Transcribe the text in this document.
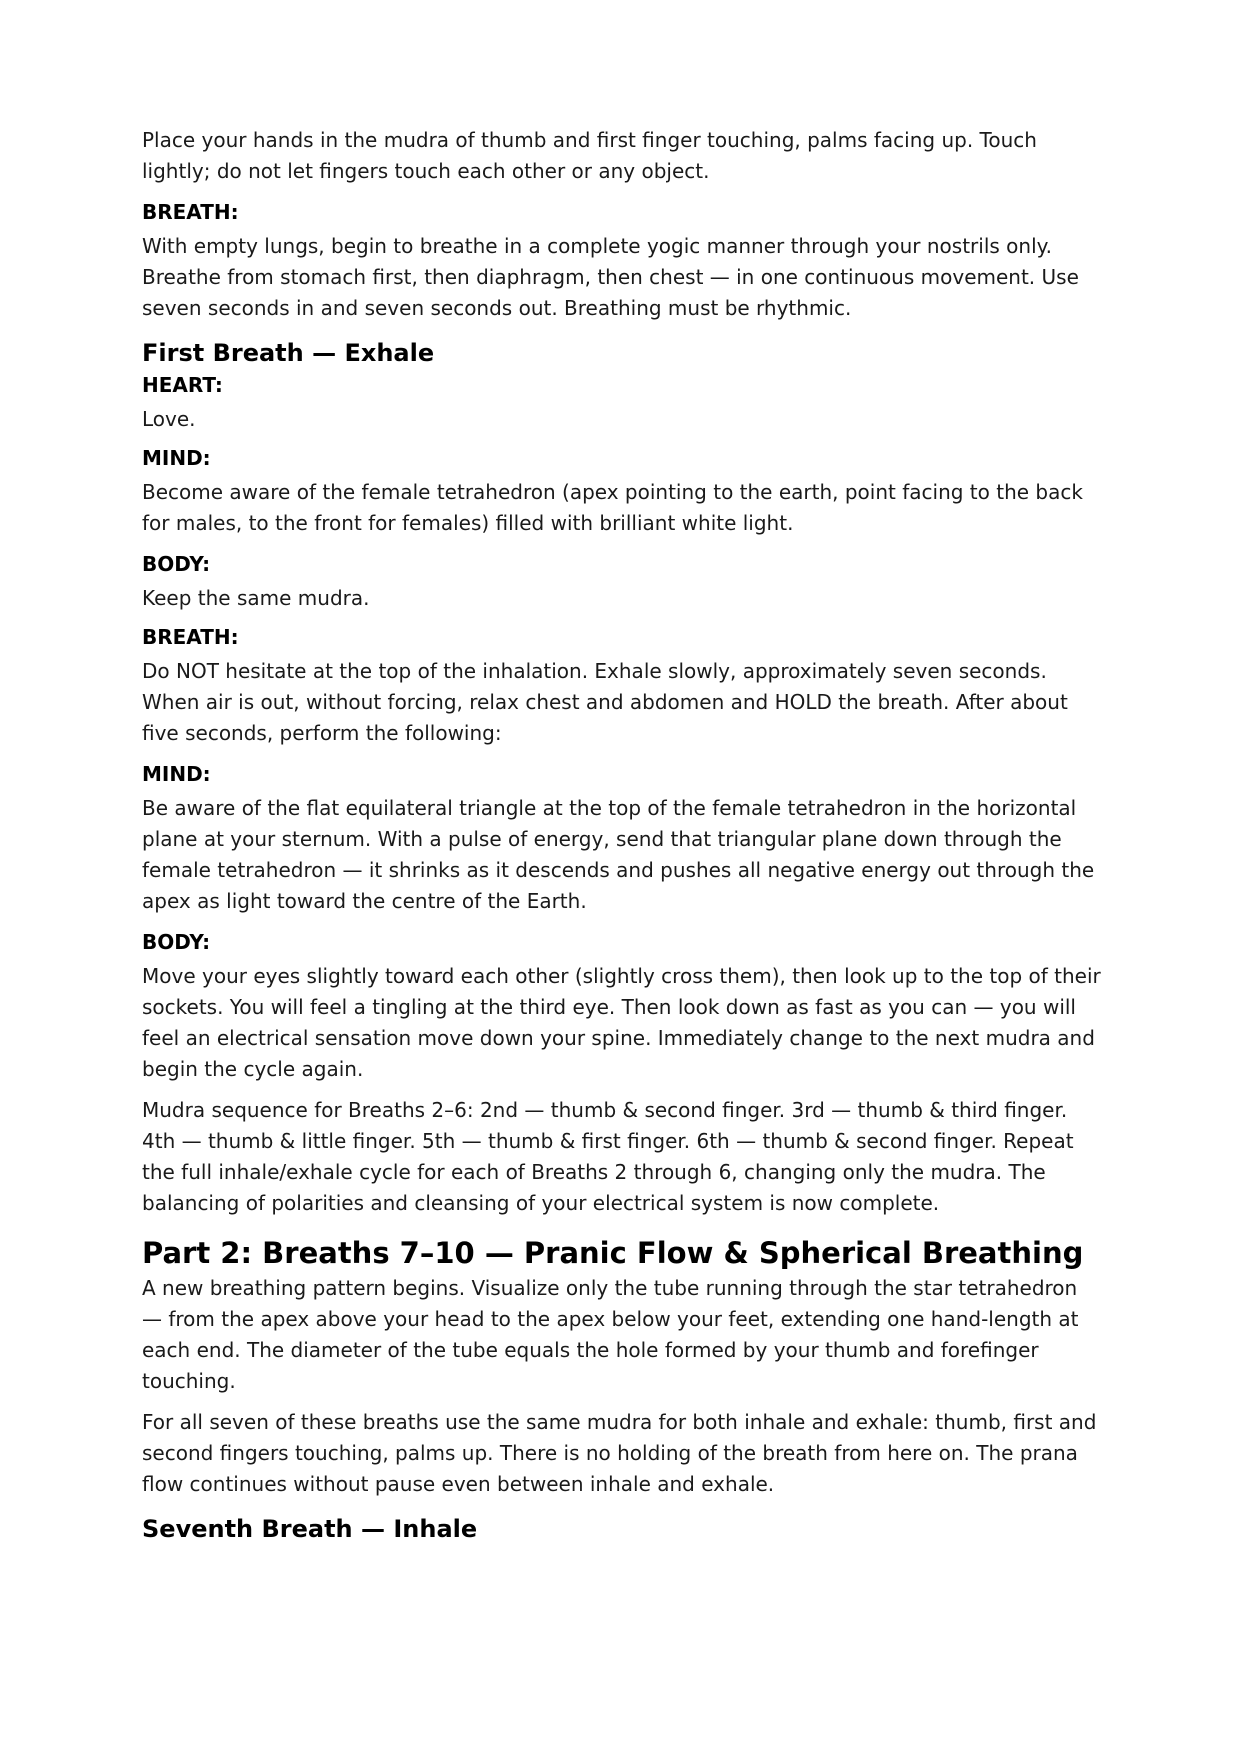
Place your hands in the mudra of thumb and first finger touching, palms facing up. Touch lightly; do not let fingers touch each other or any object.

BREATH:

With empty lungs, begin to breathe in a complete yogic manner through your nostrils only. Breathe from stomach first, then diaphragm, then chest — in one continuous movement. Use seven seconds in and seven seconds out. Breathing must be rhythmic.

First Breath — Exhale
HEART:

Love.

MIND:

Become aware of the female tetrahedron (apex pointing to the earth, point facing to the back for males, to the front for females) filled with brilliant white light.

BODY:

Keep the same mudra.

BREATH:

Do NOT hesitate at the top of the inhalation. Exhale slowly, approximately seven seconds. When air is out, without forcing, relax chest and abdomen and HOLD the breath. After about five seconds, perform the following:

MIND:

Be aware of the flat equilateral triangle at the top of the female tetrahedron in the horizontal plane at your sternum. With a pulse of energy, send that triangular plane down through the female tetrahedron — it shrinks as it descends and pushes all negative energy out through the apex as light toward the centre of the Earth.

BODY:

Move your eyes slightly toward each other (slightly cross them), then look up to the top of their sockets. You will feel a tingling at the third eye. Then look down as fast as you can — you will feel an electrical sensation move down your spine. Immediately change to the next mudra and begin the cycle again.

Mudra sequence for Breaths 2–6: 2nd — thumb & second finger. 3rd — thumb & third finger. 4th — thumb & little finger. 5th — thumb & first finger. 6th — thumb & second finger. Repeat the full inhale/exhale cycle for each of Breaths 2 through 6, changing only the mudra. The balancing of polarities and cleansing of your electrical system is now complete.

Part 2: Breaths 7–10 — Pranic Flow & Spherical Breathing

A new breathing pattern begins. Visualize only the tube running through the star tetrahedron — from the apex above your head to the apex below your feet, extending one hand-length at each end. The diameter of the tube equals the hole formed by your thumb and forefinger touching.

For all seven of these breaths use the same mudra for both inhale and exhale: thumb, first and second fingers touching, palms up. There is no holding of the breath from here on. The prana flow continues without pause even between inhale and exhale.

Seventh Breath — Inhale
